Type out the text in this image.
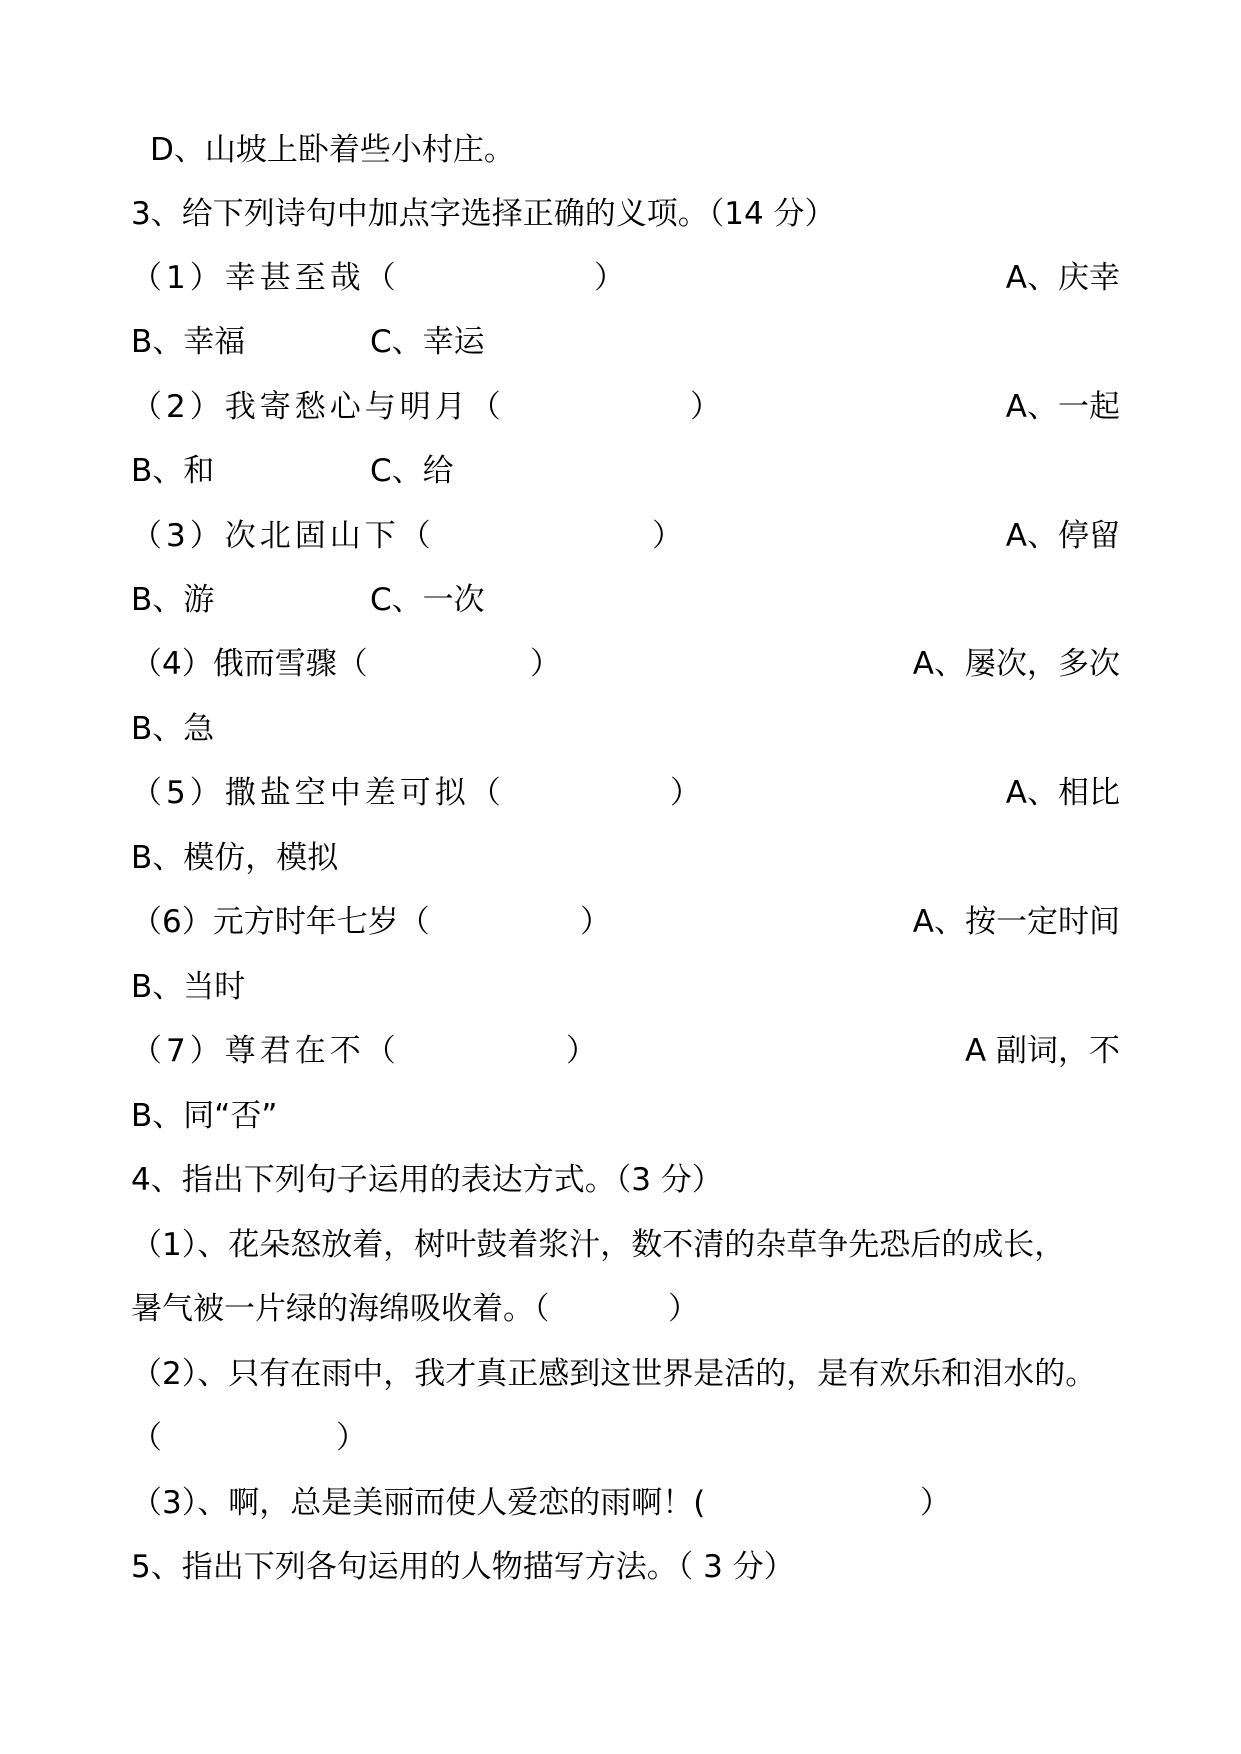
D、山坡上卧着些小村庄。
3、给下列诗句中加点字选择正确的义项。（14 分）
（1）幸甚至哉（	）	A、庆幸
B、幸福	C、幸运
（2）我寄愁心与明月（	）	A、一起
B、和	C、给
（3）次北固山下（	）	A、停留
B、游	C、一次
（4）俄而雪骤（	）	A、屡次，多次
B、急
（5）撒盐空中差可拟（	）	A、相比
B、模仿，模拟
（6）元方时年七岁（	）	A、按一定时间
B、当时
（7）尊君在不（	）	A 副词，不
B、同“否”
4、指出下列句子运用的表达方式。（3 分）
（1）、花朵怒放着，树叶鼓着浆汁，数不清的杂草争先恐后的成长，
暑气被一片绿的海绵吸收着。（	）
（2）、只有在雨中，我才真正感到这世界是活的，是有欢乐和泪水的。
（	）
（3）、啊，总是美丽而使人爱恋的雨啊！(	）
5、指出下列各句运用的人物描写方法。（ 3 分）
